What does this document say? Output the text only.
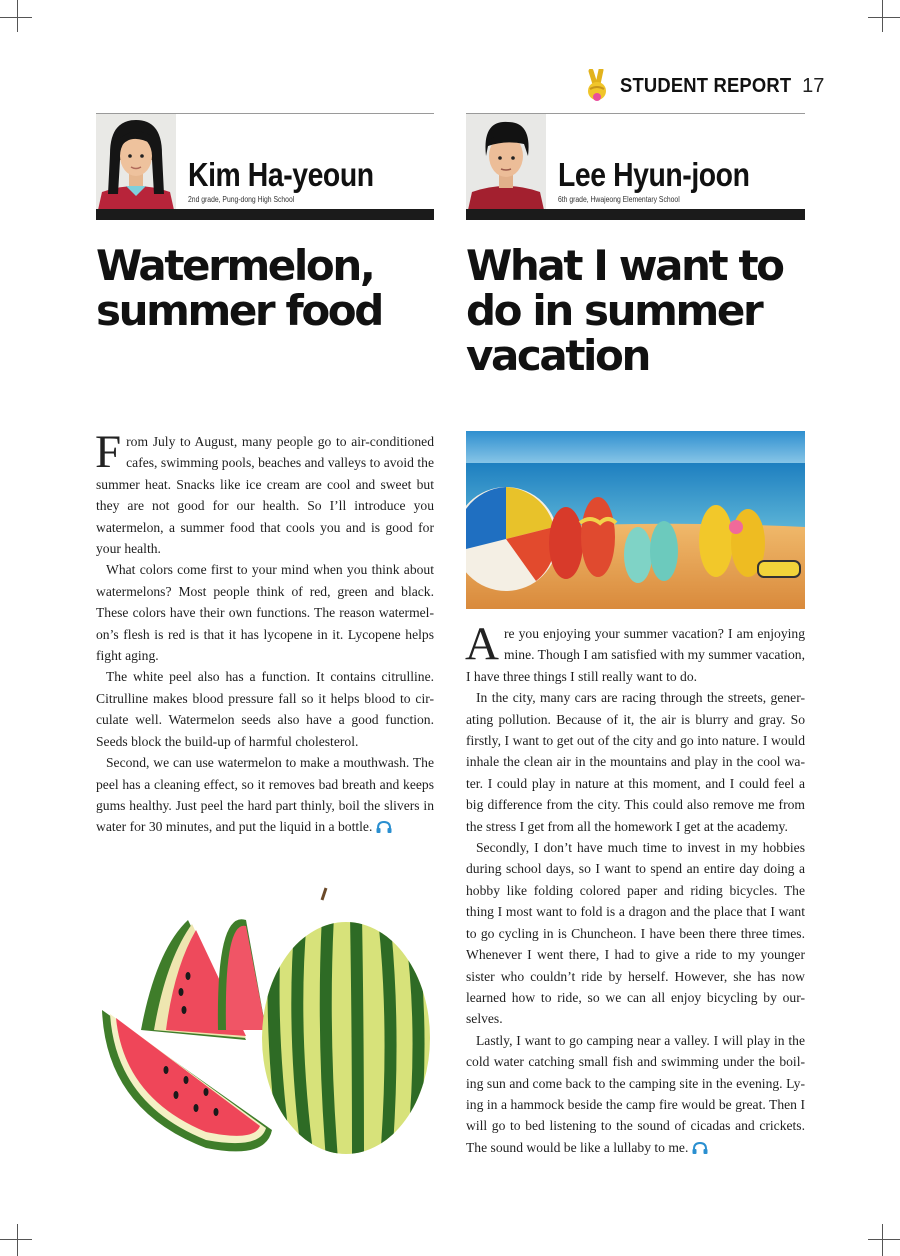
STUDENT REPORT 17
Kim Ha-yeoun
2nd grade, Pung-dong High School
Watermelon,
summer food

From July to August, many people go to air-conditioned cafes, swimming pools, beaches and valleys to avoid the summer heat. Snacks like ice cream are cool and sweet but they are not good for our health. So I’ll introduce you watermelon, a summer food that cools you and is good for your health.

What colors come first to your mind when you think about watermelons? Most people think of red, green and black. These colors have their own functions. The reason watermel-on’s flesh is red is that it has lycopene in it. Lycopene helps fight aging.

The white peel also has a function. It contains citrulline. Citrulline makes blood pressure fall so it helps blood to cir-culate well. Watermelon seeds also have a good function. Seeds block the build-up of harmful cholesterol.

Second, we can use watermelon to make a mouthwash. The peel has a cleaning effect, so it removes bad breath and keeps gums healthy. Just peel the hard part thinly, boil the slivers in water for 30 minutes, and put the liquid in a bottle.

Lee Hyun-joon
6th grade, Hwajeong Elementary School
What I want to
do in summer
vacation

Are you enjoying your summer vacation? I am enjoying mine. Though I am satisfied with my summer vacation, I have three things I still really want to do.

In the city, many cars are racing through the streets, gener-ating pollution. Because of it, the air is blurry and gray. So firstly, I want to get out of the city and go into nature. I would inhale the clean air in the mountains and play in the cool wa-ter. I could play in nature at this moment, and I could feel a big difference from the city. This could also remove me from the stress I get from all the homework I get at the academy.

Secondly, I don’t have much time to invest in my hobbies during school days, so I want to spend an entire day doing a hobby like folding colored paper and riding bicycles. The thing I most want to fold is a dragon and the place that I want to go cycling in is Chuncheon. I have been there three times. Whenever I went there, I had to give a ride to my younger sister who couldn’t ride by herself. However, she has now learned how to ride, so we can all enjoy bicycling by our-selves.

Lastly, I want to go camping near a valley. I will play in the cold water catching small fish and swimming under the boil-ing sun and come back to the camping site in the evening. Ly-ing in a hammock beside the camp fire would be great. Then I will go to bed listening to the sound of cicadas and crickets. The sound would be like a lullaby to me.
